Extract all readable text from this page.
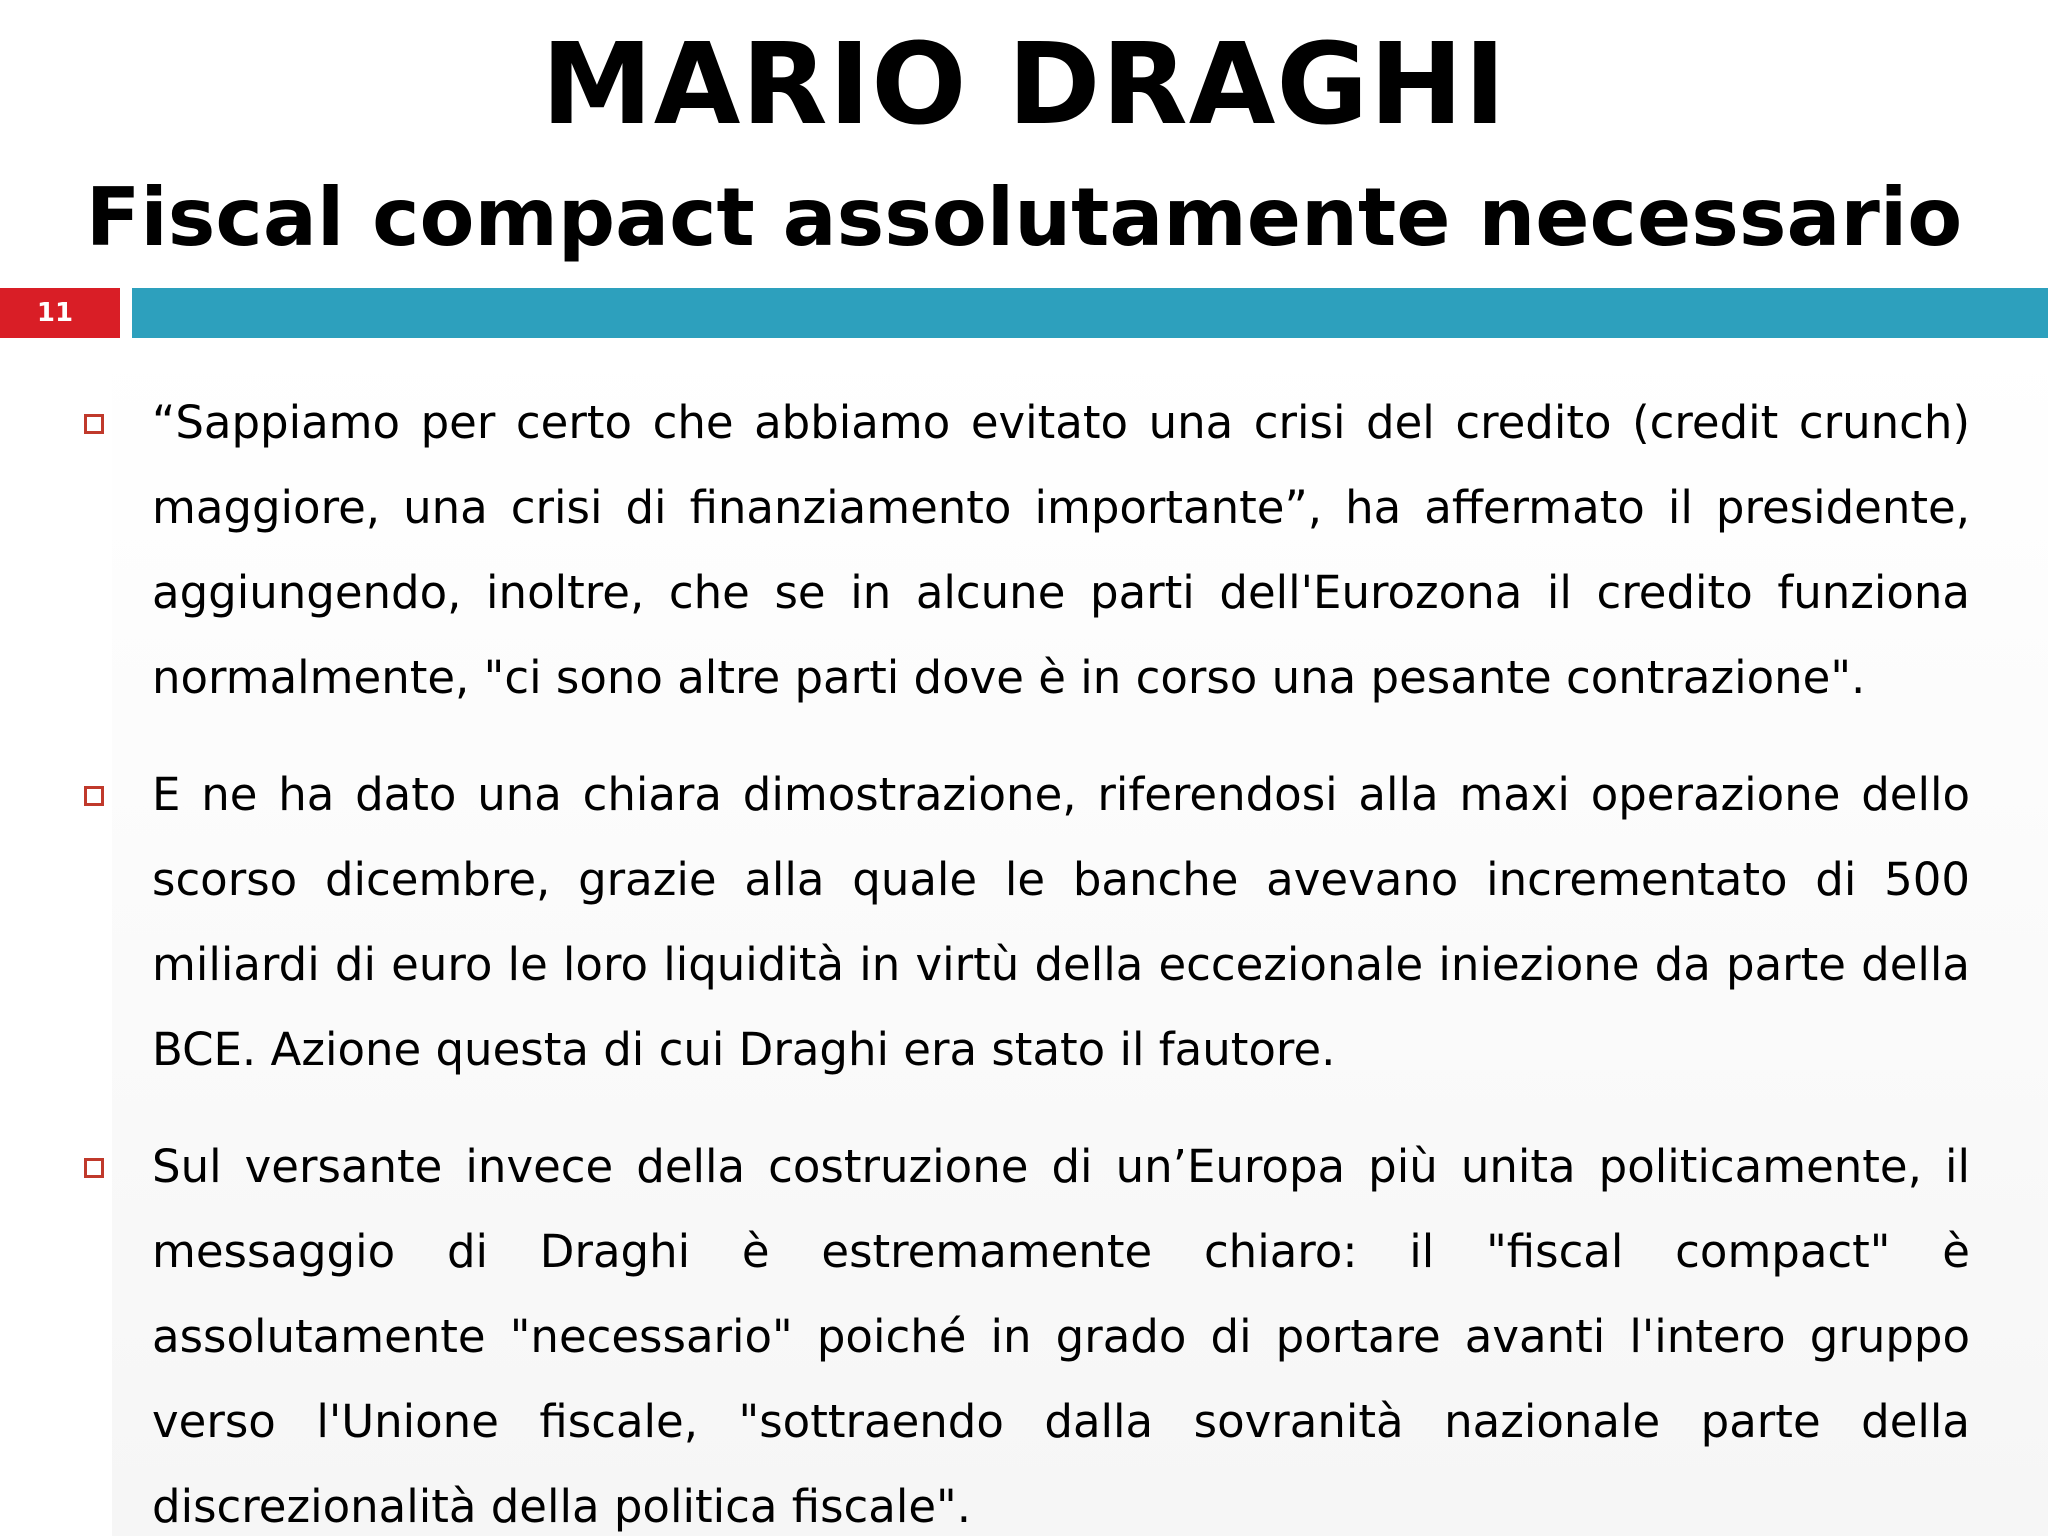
MARIO DRAGHI
Fiscal compact assolutamente necessario
11
“Sappiamo per certo che abbiamo evitato una crisi del credito (credit crunch) maggiore, una crisi di finanziamento importante”, ha affermato il presidente, aggiungendo, inoltre, che se in alcune parti dell'Eurozona il credito funziona normalmente, "ci sono altre parti dove è in corso una pesante contrazione".
E ne ha dato una chiara dimostrazione, riferendosi alla maxi operazione dello scorso dicembre, grazie alla quale le banche avevano incrementato di 500 miliardi di euro le loro liquidità in virtù della eccezionale iniezione da parte della BCE. Azione questa di cui Draghi era stato il fautore.
Sul versante invece della costruzione di un’Europa più unita politicamente, il messaggio di Draghi è estremamente chiaro: il "fiscal compact" è assolutamente "necessario" poiché in grado di portare avanti l'intero gruppo verso l'Unione fiscale, "sottraendo dalla sovranità nazionale parte della discrezionalità della politica fiscale".
